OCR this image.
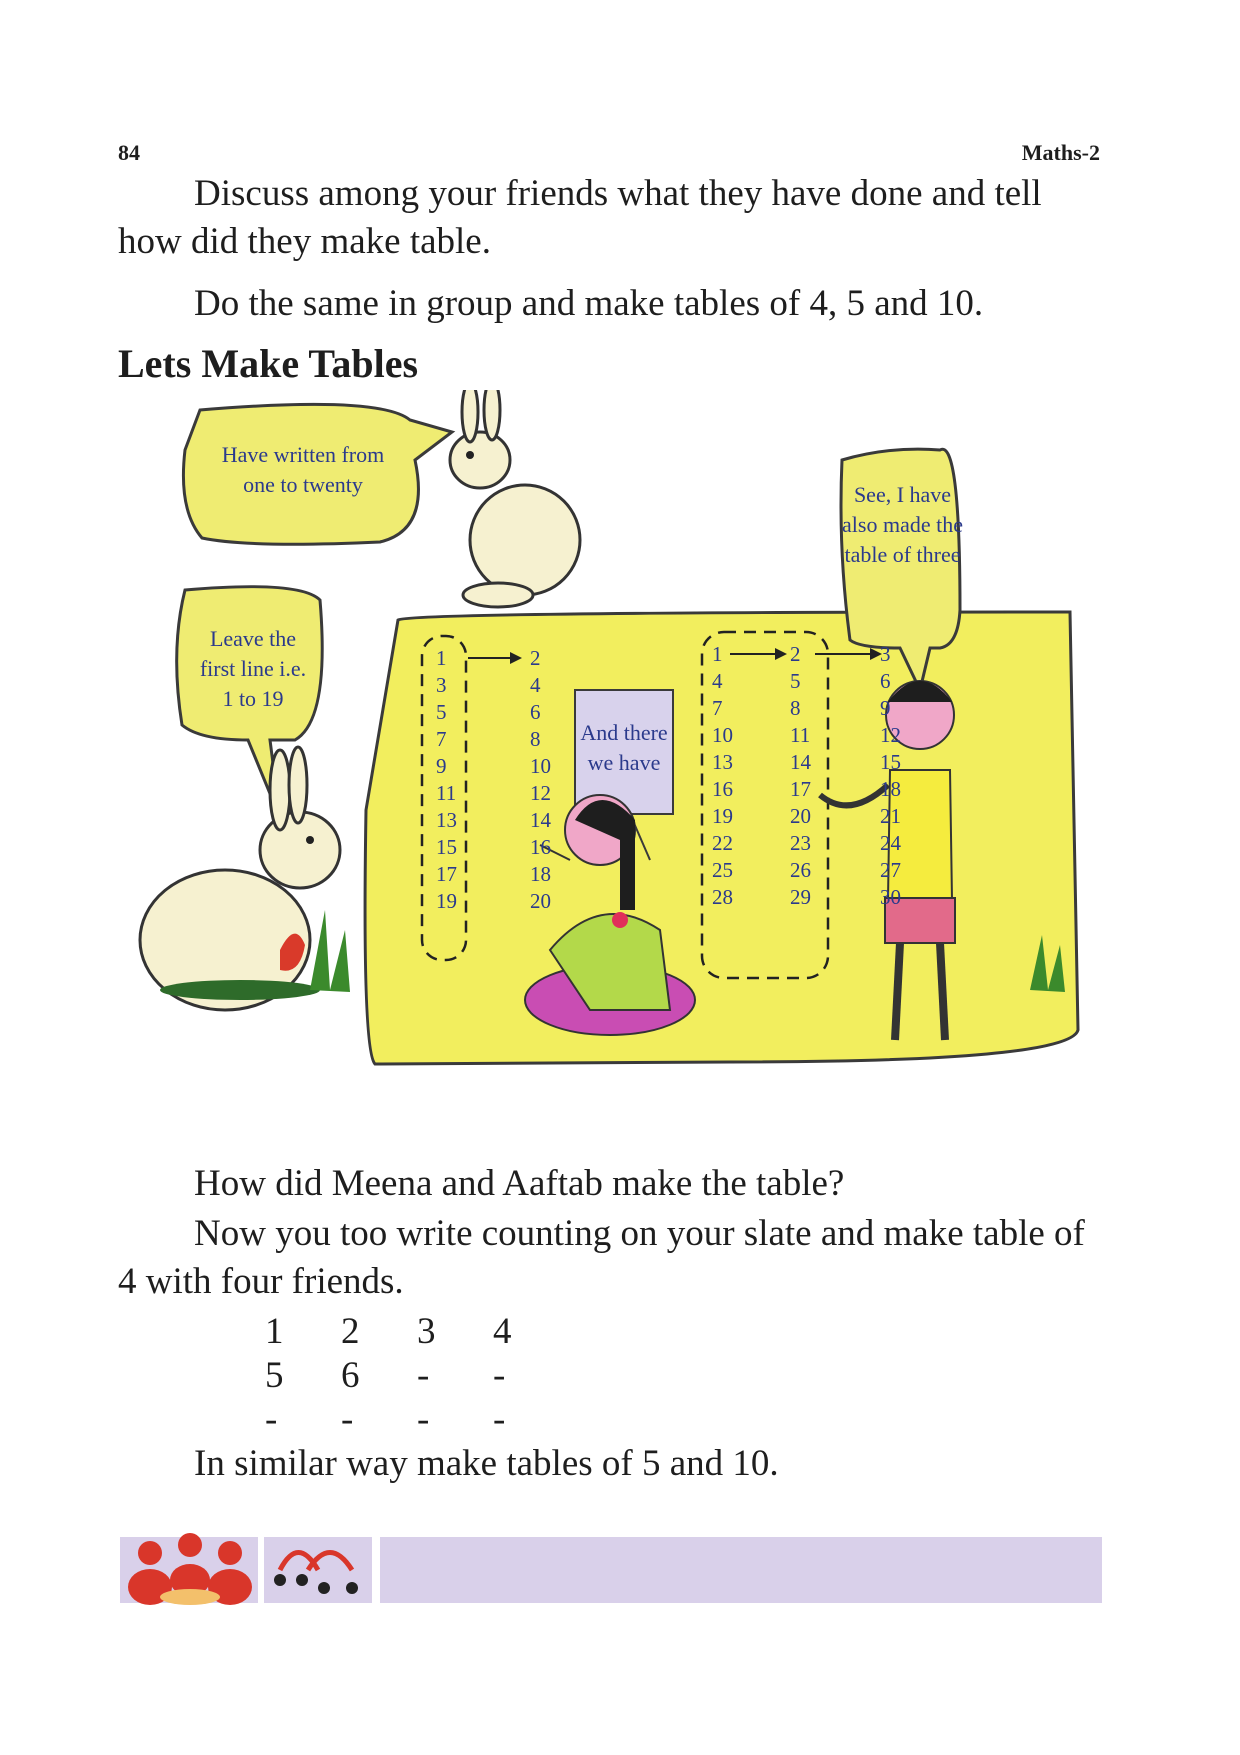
84	Maths-2

Discuss among your friends what they have done and tell how did they make table.

Do the same in group and make tables of 4, 5 and 10.

Lets Make Tables
Have written from
one to twenty
Leave the
first line i.e.
1 to 19
See, I have
also made the
table of three
And there
we have
1
3
5
7
9
11
13
15
17
19
2
4
6
8
10
12
14
16
18
20
1
4
7
10
13
16
19
22
25
28
2
5
8
11
14
17
20
23
26
29
3
6
9
12
15
18
21
24
27
30

How did Meena and Aaftab make the table?

Now you too write counting on your slate and make table of 4 with four friends.

1 2 3 4
5 6 - -
- - - -

In similar way make tables of 5 and 10.
